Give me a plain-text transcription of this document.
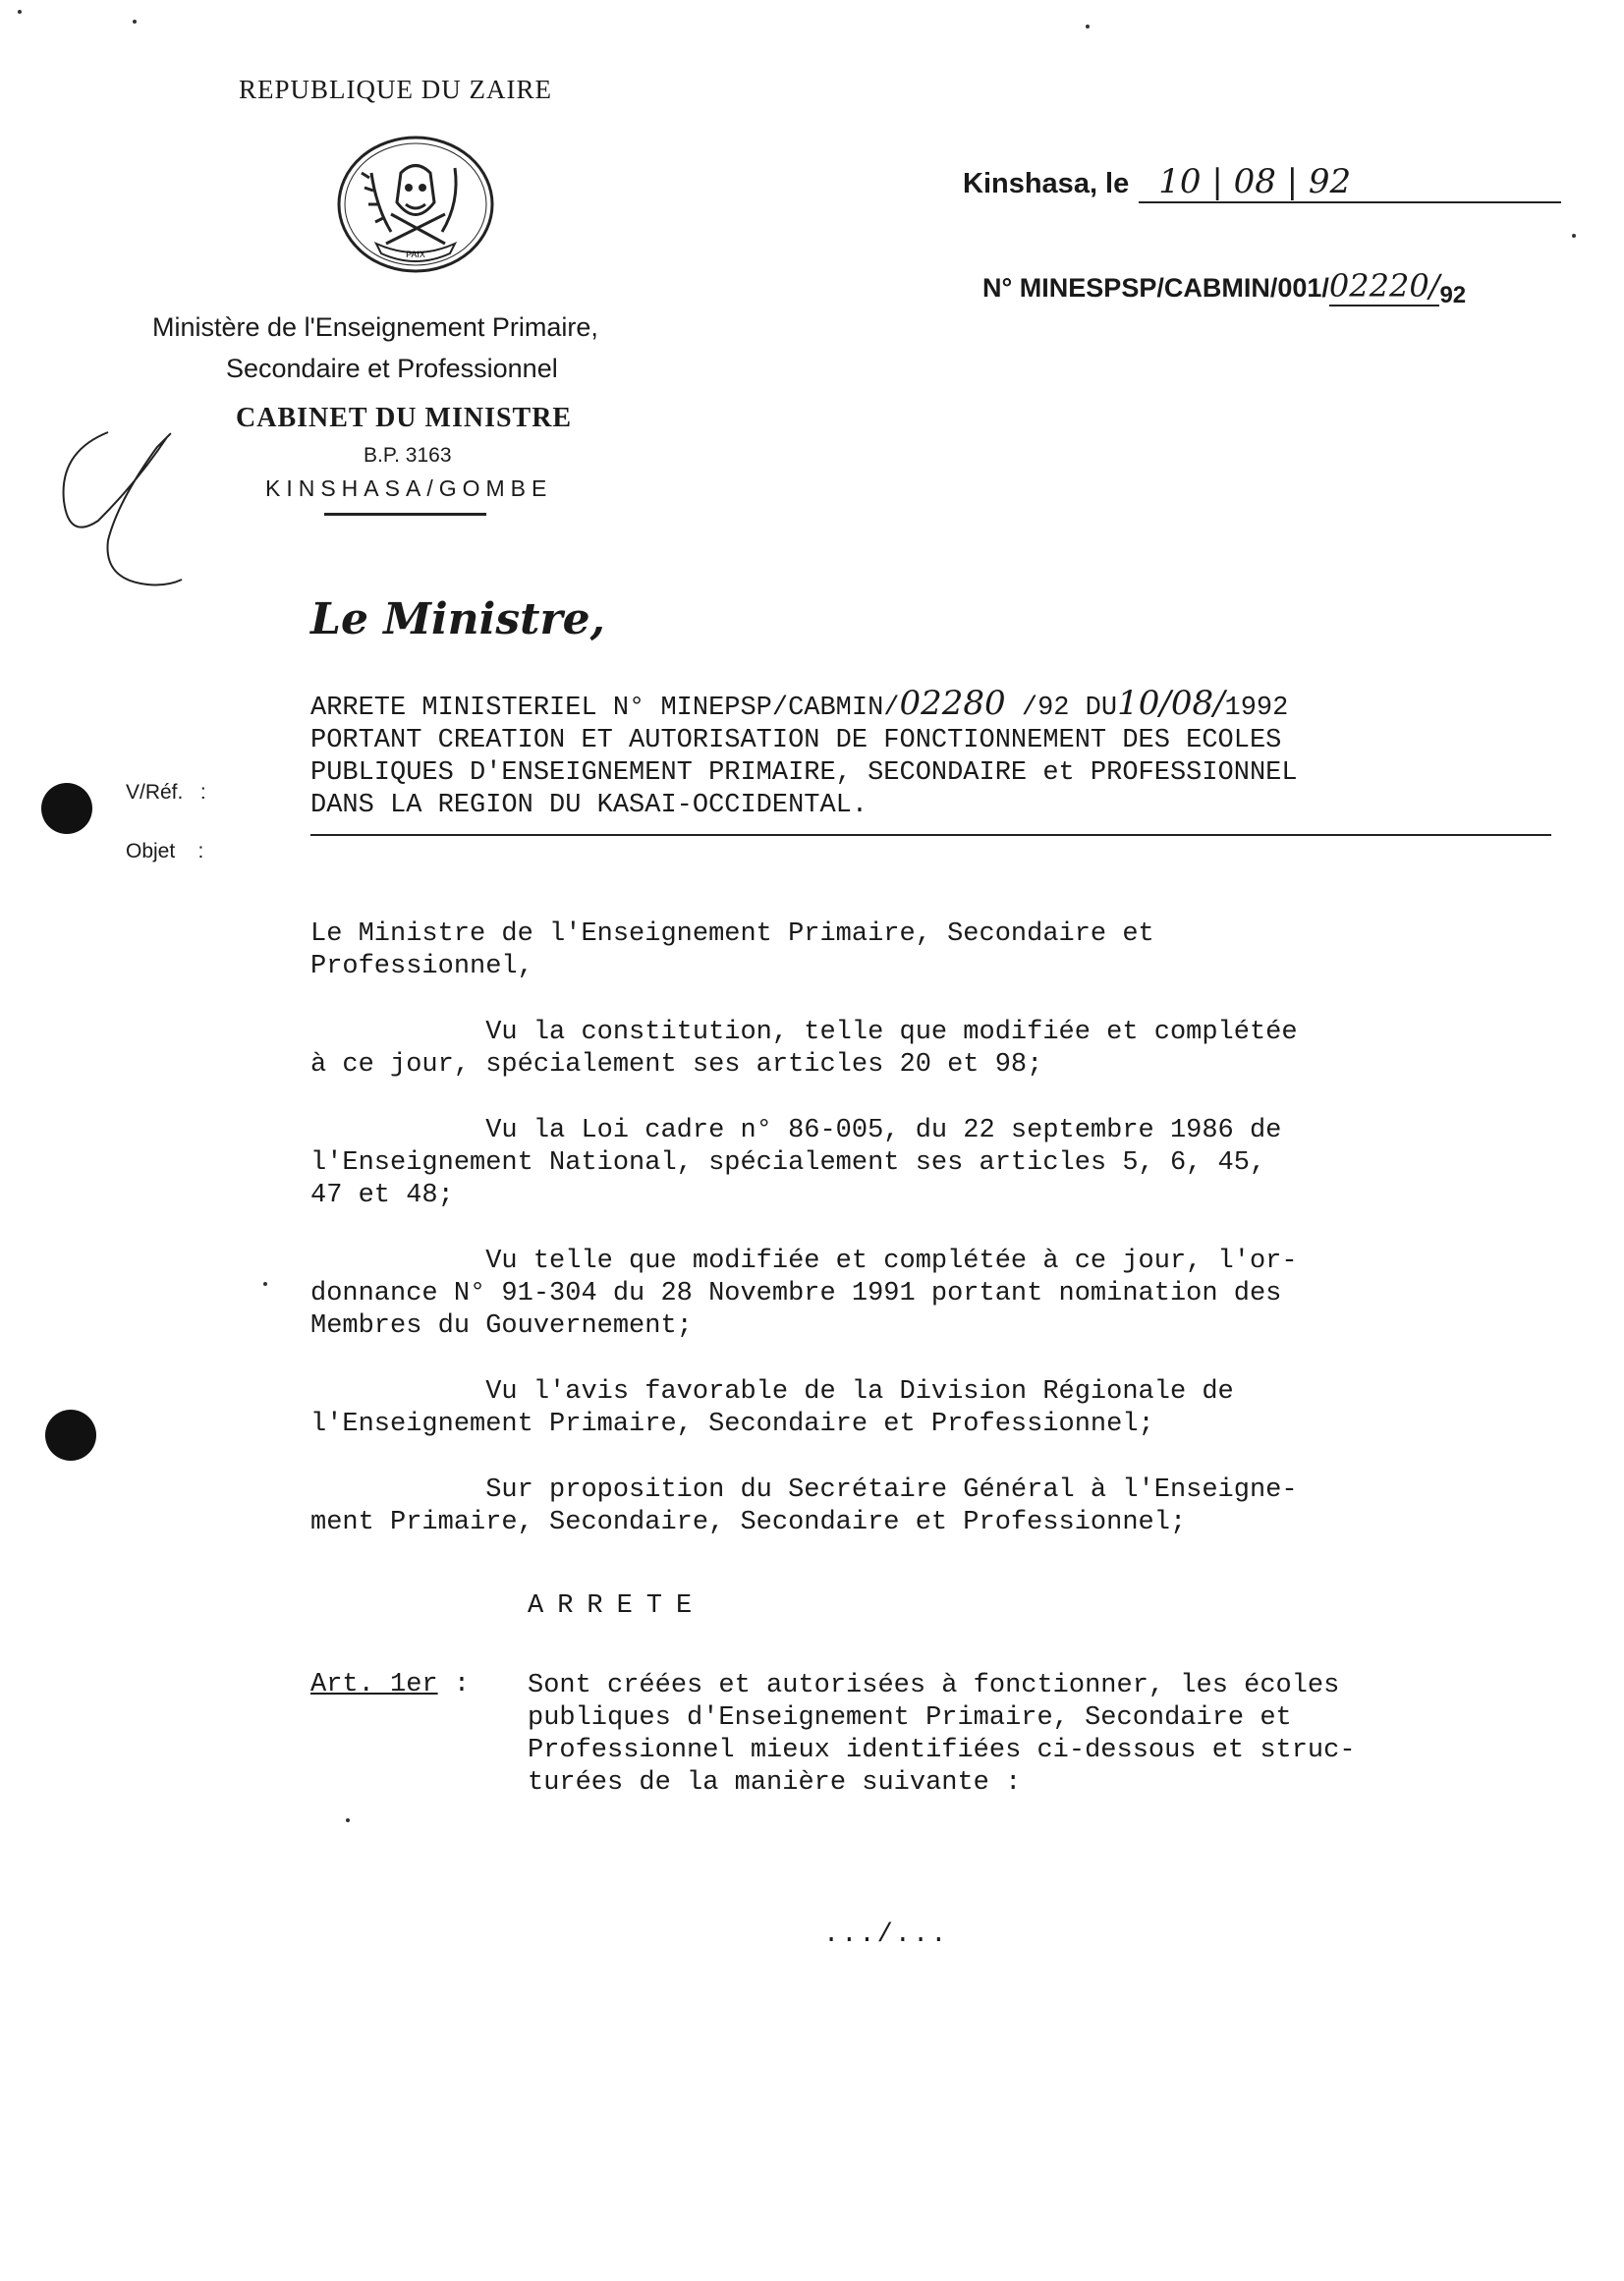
REPUBLIQUE DU ZAIRE
PAIX
Ministère de l'Enseignement Primaire,
Secondaire et Professionnel
CABINET DU MINISTRE
B.P. 3163
KINSHASA/GOMBE
Kinshasa, le 10 | 08 | 92
N° MINESPSP/CABMIN/001/02220/92
V/Réf. :
Objet :
Le Ministre,
ARRETE MINISTERIEL N° MINEPSP/CABMIN/02280 /92 DU10/08/1992
PORTANT CREATION ET AUTORISATION DE FONCTIONNEMENT DES ECOLES
PUBLIQUES D'ENSEIGNEMENT PRIMAIRE, SECONDAIRE et PROFESSIONNEL
DANS LA REGION DU KASAI-OCCIDENTAL.
Le Ministre de l'Enseignement Primaire, Secondaire et
Professionnel,
Vu la constitution, telle que modifiée et complétée
à ce jour, spécialement ses articles 20 et 98;
Vu la Loi cadre n° 86-005, du 22 septembre 1986 de
l'Enseignement National, spécialement ses articles 5, 6, 45,
47 et 48;
Vu telle que modifiée et complétée à ce jour, l'or-
donnance N° 91-304 du 28 Novembre 1991 portant nomination des
Membres du Gouvernement;
Vu l'avis favorable de la Division Régionale de
l'Enseignement Primaire, Secondaire et Professionnel;
Sur proposition du Secrétaire Général à l'Enseigne-
ment Primaire, Secondaire, Secondaire et Professionnel;
ARRETE
Art. 1er : Sont créées et autorisées à fonctionner, les écoles
publiques d'Enseignement Primaire, Secondaire et
Professionnel mieux identifiées ci-dessous et struc-
turées de la manière suivante :
.../...
